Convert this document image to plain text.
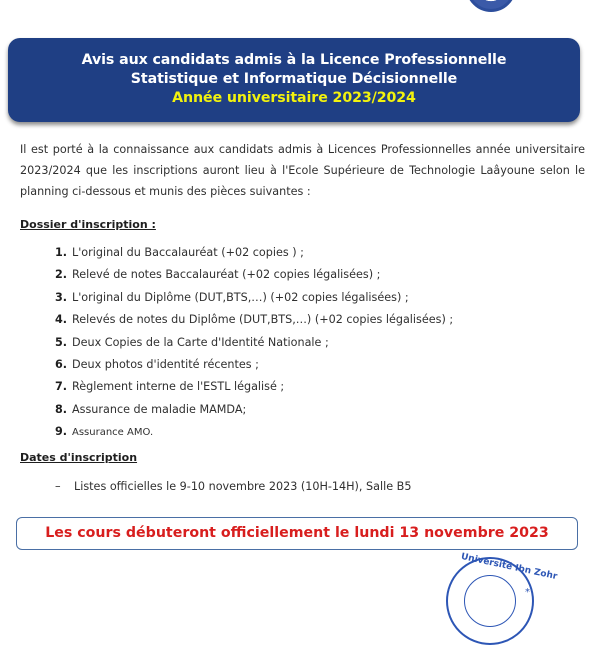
Avis aux candidats admis à la Licence Professionnelle
Statistique et Informatique Décisionnelle
Année universitaire 2023/2024

Il est porté à la connaissance aux candidats admis à Licences Professionnelles année universitaire 2023/2024 que les inscriptions auront lieu à l'Ecole Supérieure de Technologie Laâyoune selon le planning ci-dessous et munis des pièces suivantes :

Dossier d'inscription :

1. L'original du Baccalauréat (+02 copies ) ;
2. Relevé de notes Baccalauréat (+02 copies légalisées) ;
3. L'original du Diplôme (DUT,BTS,…) (+02 copies légalisées) ;
4. Relevés de notes du Diplôme (DUT,BTS,…) (+02 copies légalisées) ;
5. Deux Copies de la Carte d'Identité Nationale ;
6. Deux photos d'identité récentes ;
7. Règlement interne de l'ESTL légalisé ;
8. Assurance de maladie MAMDA;
9. Assurance AMO.

Dates d'inscription

– Listes officielles le 9-10 novembre 2023 (10H-14H), Salle B5
Les cours débuteront officiellement le lundi 13 novembre 2023
Université Ibn Zohr
*
